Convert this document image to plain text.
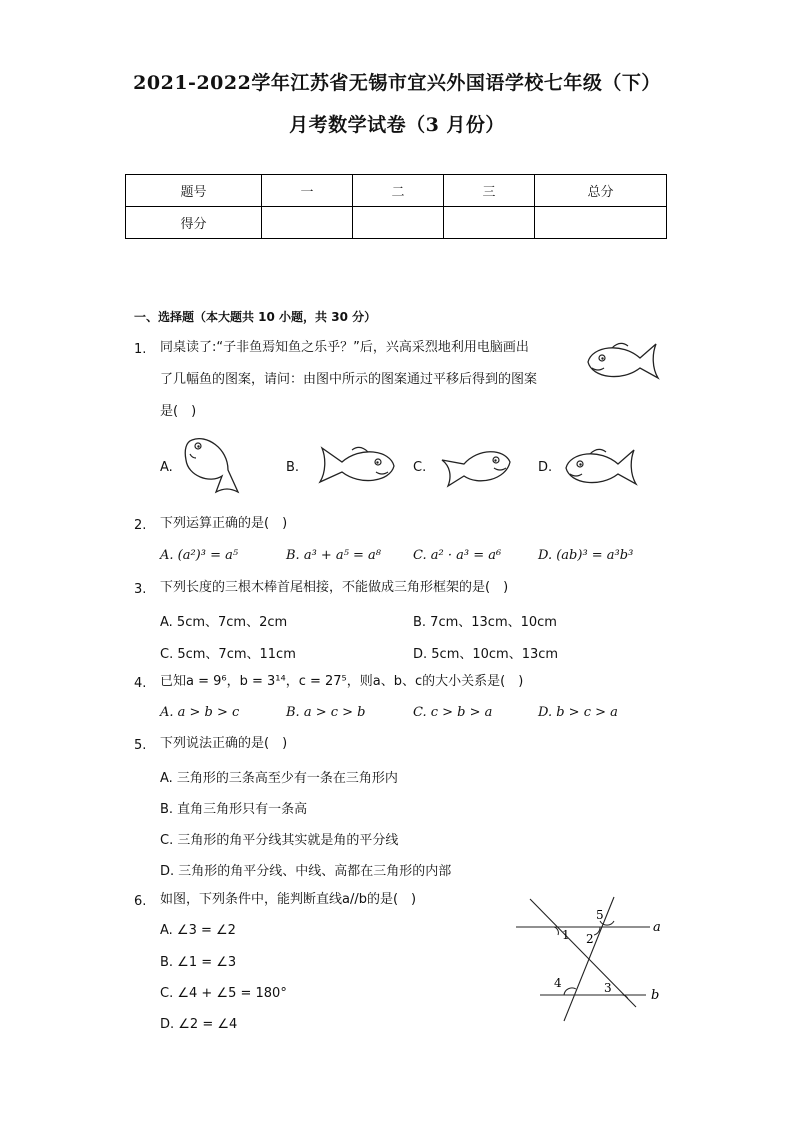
2021-2022学年江苏省无锡市宜兴外国语学校七年级（下）
月考数学试卷（3 月份）
题号	一	二	三	总分
得分				
一、选择题（本大题共 10 小题，共 30 分）
1. 同桌读了:“子非鱼焉知鱼之乐乎？”后，兴高采烈地利用电脑画出
了几幅鱼的图案，请问：由图中所示的图案通过平移后得到的图案
是(　)
A.	B.	C.	D.
2. 下列运算正确的是(　)
A. (a²)³ = a⁵	B. a³ + a⁵ = a⁸ C. a² · a³ = a⁶	D. (ab)³ = a³b³
3. 下列长度的三根木棒首尾相接，不能做成三角形框架的是(　)
A. 5cm、7cm、2cm	B. 7cm、13cm、10cm
C. 5cm、7cm、11cm	D. 5cm、10cm、13cm
4. 已知a = 9⁶，b = 3¹⁴，c = 27⁵，则a、b、c的大小关系是(　)
A. a > b > c	B. a > c > b	C. c > b > a	D. b > c > a
5. 下列说法正确的是(　)
A. 三角形的三条高至少有一条在三角形内
B. 直角三角形只有一条高
C. 三角形的角平分线其实就是角的平分线
D. 三角形的角平分线、中线、高都在三角形的内部
6. 如图，下列条件中，能判断直线a//b的是(　)
A. ∠3 = ∠2
B. ∠1 = ∠3
C. ∠4 + ∠5 = 180°
D. ∠2 = ∠4
1 2
3
4
5
a
b
